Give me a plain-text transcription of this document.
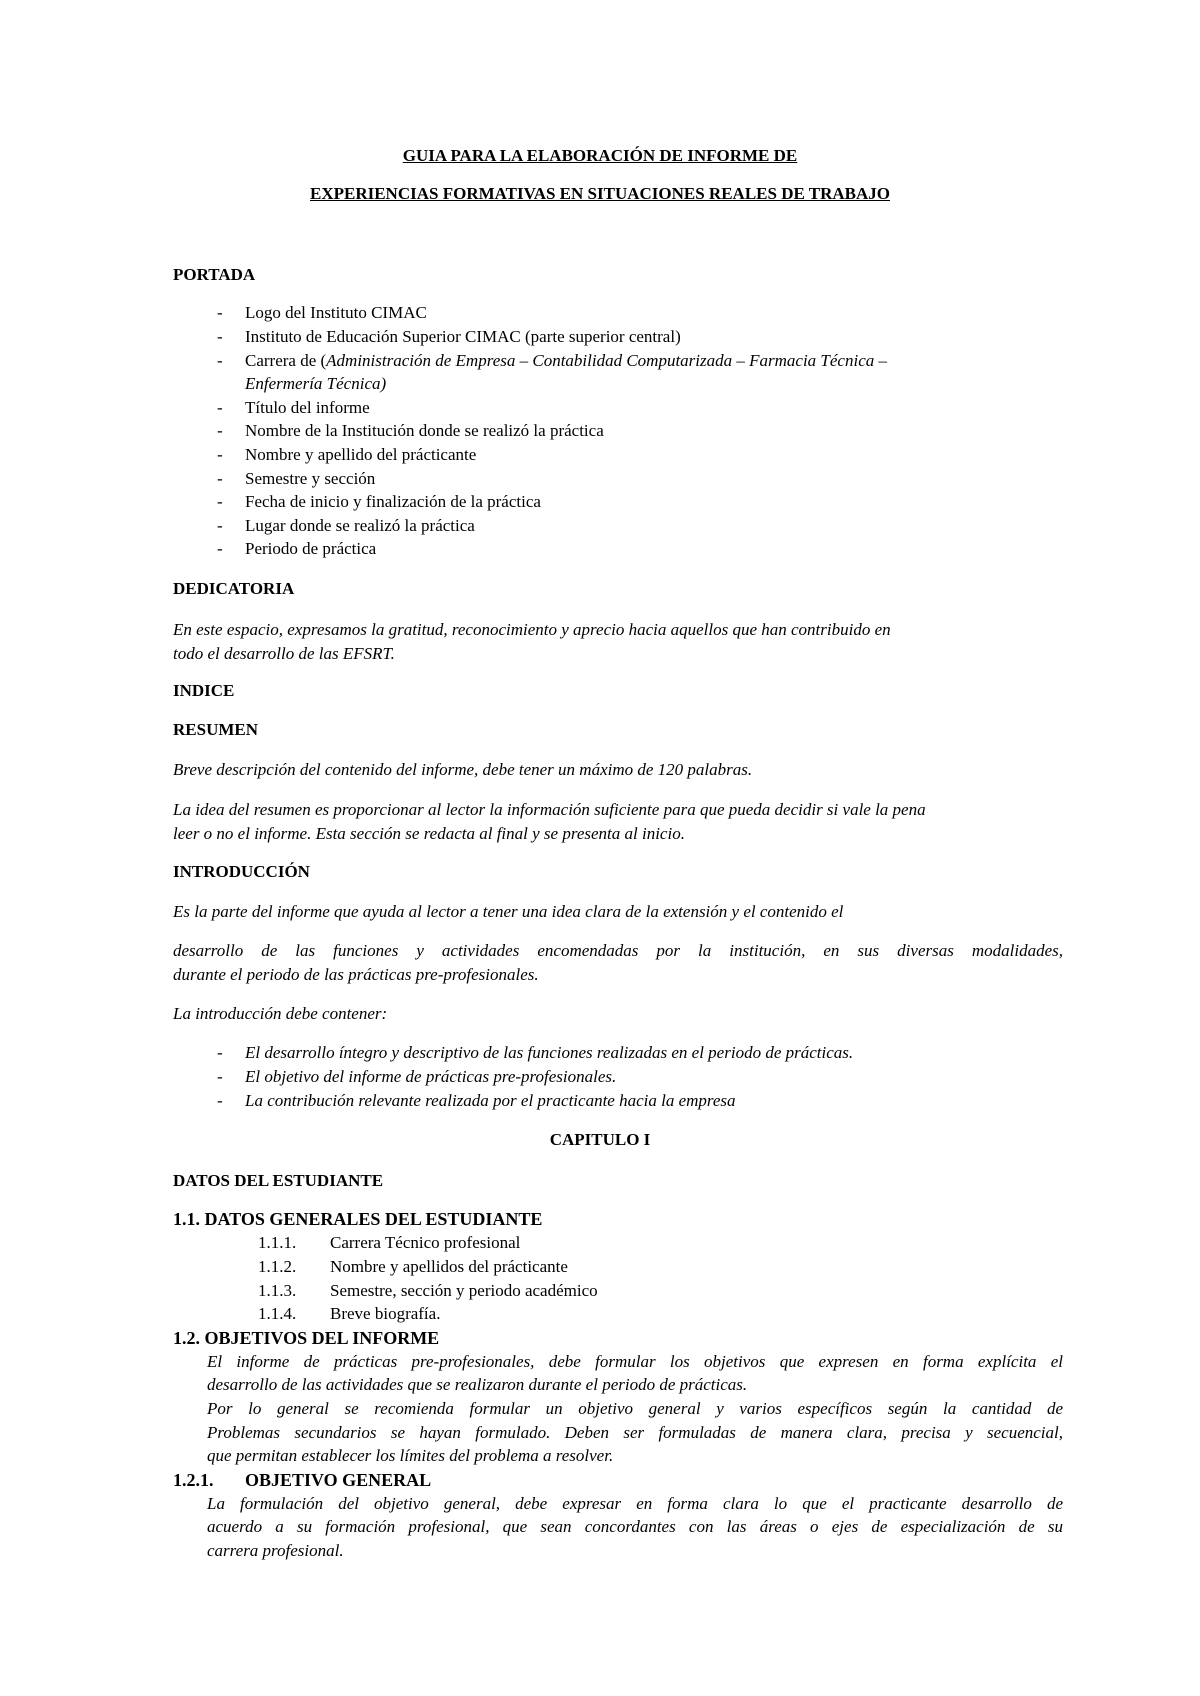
GUIA PARA LA ELABORACIÓN DE INFORME DE

EXPERIENCIAS FORMATIVAS EN SITUACIONES REALES DE TRABAJO

PORTADA

-	Logo del Instituto CIMAC
-	Instituto de Educación Superior CIMAC (parte superior central)
-	Carrera de (Administración de Empresa – Contabilidad Computarizada – Farmacia Técnica –
Enfermería Técnica)
-	Título del informe
-	Nombre de la Institución donde se realizó la práctica
-	Nombre y apellido del prácticante
-	Semestre y sección
-	Fecha de inicio y finalización de la práctica
-	Lugar donde se realizó la práctica
-	Periodo de práctica

DEDICATORIA

En este espacio, expresamos la gratitud, reconocimiento y aprecio hacia aquellos que han contribuido en

todo el desarrollo de las EFSRT.

INDICE

RESUMEN

Breve descripción del contenido del informe, debe tener un máximo de 120 palabras.

La idea del resumen es proporcionar al lector la información suficiente para que pueda decidir si vale la pena

leer o no el informe. Esta sección se redacta al final y se presenta al inicio.

INTRODUCCIÓN

Es la parte del informe que ayuda al lector a tener una idea clara de la extensión y el contenido el

desarrollo de las funciones y actividades encomendadas por la institución, en sus diversas modalidades,

durante el periodo de las prácticas pre-profesionales.

La introducción debe contener:

-	El desarrollo íntegro y descriptivo de las funciones realizadas en el periodo de prácticas.
-	El objetivo del informe de prácticas pre-profesionales.
-	La contribución relevante realizada por el practicante hacia la empresa

CAPITULO I

DATOS DEL ESTUDIANTE

1.1. DATOS GENERALES DEL ESTUDIANTE

1.1.1. Carrera Técnico profesional
1.1.2. Nombre y apellidos del prácticante
1.1.3. Semestre, sección y periodo académico
1.1.4. Breve biografía.

1.2. OBJETIVOS DEL INFORME

El informe de prácticas pre-profesionales, debe formular los objetivos que expresen en forma explícita el

desarrollo de las actividades que se realizaron durante el periodo de prácticas.

Por lo general se recomienda formular un objetivo general y varios específicos según la cantidad de

Problemas secundarios se hayan formulado. Deben ser formuladas de manera clara, precisa y secuencial,

que permitan establecer los límites del problema a resolver.

1.2.1. OBJETIVO GENERAL

La formulación del objetivo general, debe expresar en forma clara lo que el practicante desarrollo de

acuerdo a su formación profesional, que sean concordantes con las áreas o ejes de especialización de su

carrera profesional.
